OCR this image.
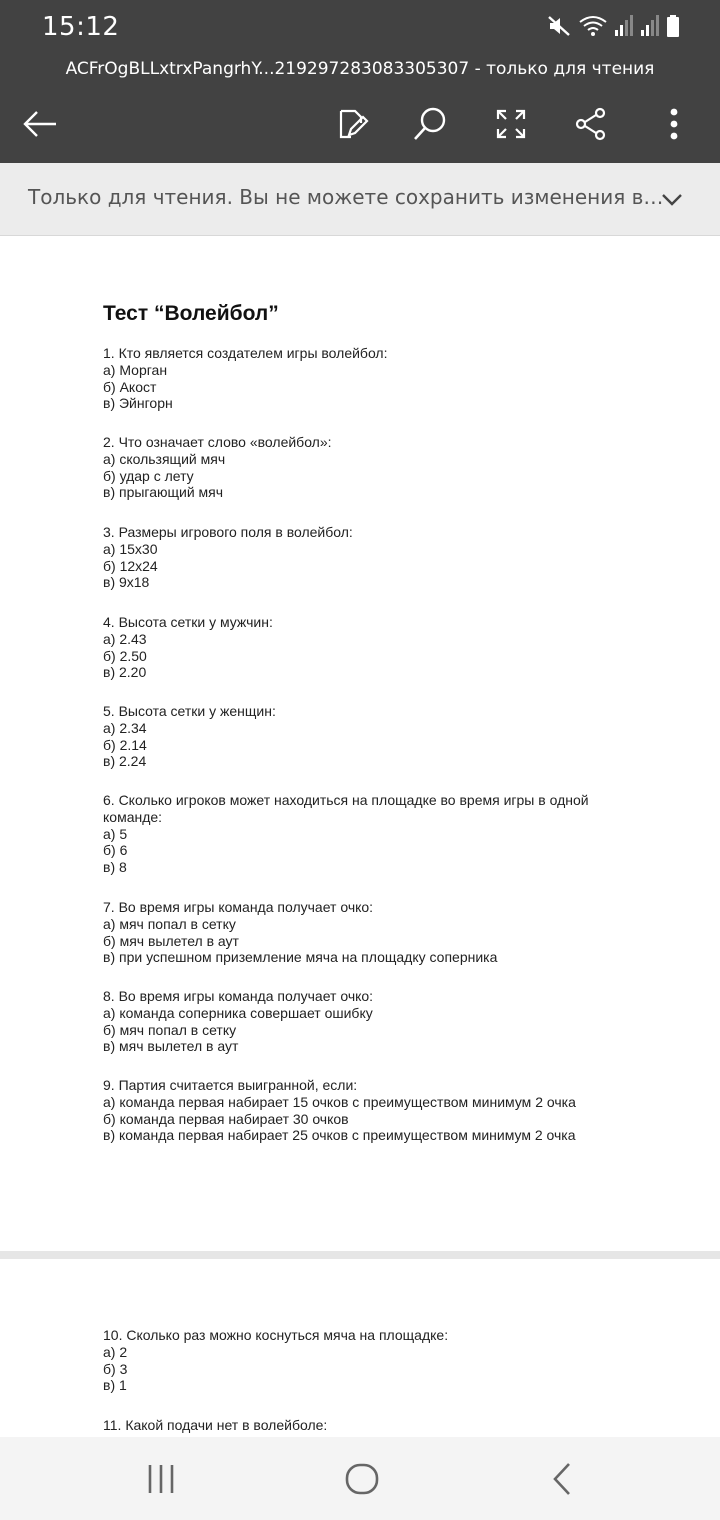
15:12
ACFrOgBLLxtrxPangrhY...219297283083305307 - только для чтения
Только для чтения. Вы не можете сохранить изменения в…
Тест “Волейбол”
1. Кто является создателем игры волейбол:
а) Морган
б) Акост
в) Эйнгорн
2. Что означает слово «волейбол»:
а) скользящий мяч
б) удар с лету
в) прыгающий мяч
3. Размеры игрового поля в волейбол:
а) 15х30
б) 12х24
в) 9х18
4. Высота сетки у мужчин:
а) 2.43
б) 2.50
в) 2.20
5. Высота сетки у женщин:
а) 2.34
б) 2.14
в) 2.24
6. Сколько игроков может находиться на площадке во время игры в одной команде:
а) 5
б) 6
в) 8
7. Во время игры команда получает очко:
а) мяч попал в сетку
б) мяч вылетел в аут
в) при успешном приземление мяча на площадку соперника
8. Во время игры команда получает очко:
а) команда соперника совершает ошибку
б) мяч попал в сетку
в) мяч вылетел в аут
9. Партия считается выигранной, если:
а) команда первая набирает 15 очков с преимуществом минимум 2 очка
б) команда первая набирает 30 очков
в) команда первая набирает 25 очков с преимуществом минимум 2 очка
10. Сколько раз можно коснуться мяча на площадке:
а) 2
б) 3
в) 1
11. Какой подачи нет в волейболе:
